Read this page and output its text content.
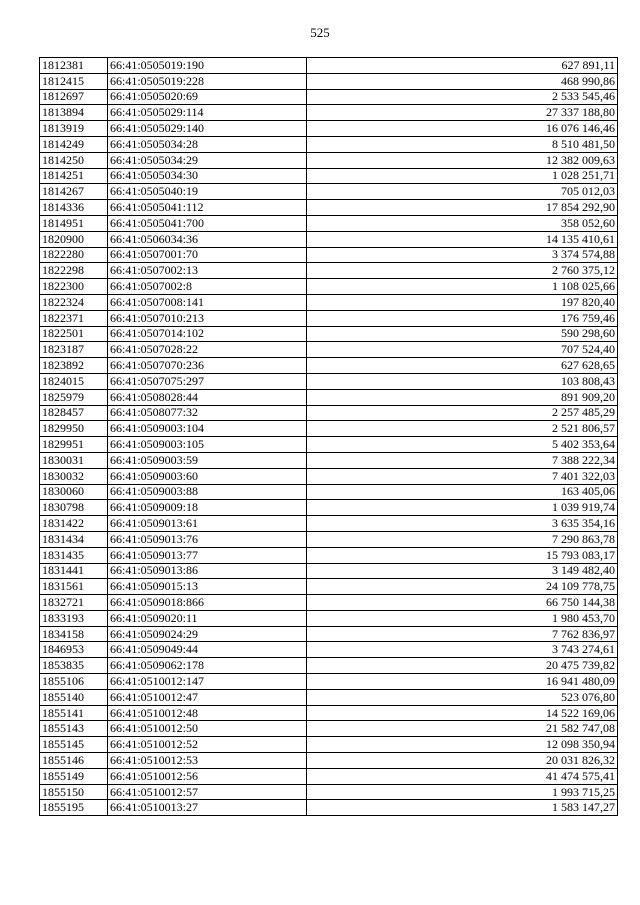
525
1812381	66:41:0505019:190	627 891,11
1812415	66:41:0505019:228	468 990,86
1812697	66:41:0505020:69	2 533 545,46
1813894	66:41:0505029:114	27 337 188,80
1813919	66:41:0505029:140	16 076 146,46
1814249	66:41:0505034:28	8 510 481,50
1814250	66:41:0505034:29	12 382 009,63
1814251	66:41:0505034:30	1 028 251,71
1814267	66:41:0505040:19	705 012,03
1814336	66:41:0505041:112	17 854 292,90
1814951	66:41:0505041:700	358 052,60
1820900	66:41:0506034:36	14 135 410,61
1822280	66:41:0507001:70	3 374 574,88
1822298	66:41:0507002:13	2 760 375,12
1822300	66:41:0507002:8	1 108 025,66
1822324	66:41:0507008:141	197 820,40
1822371	66:41:0507010:213	176 759,46
1822501	66:41:0507014:102	590 298,60
1823187	66:41:0507028:22	707 524,40
1823892	66:41:0507070:236	627 628,65
1824015	66:41:0507075:297	103 808,43
1825979	66:41:0508028:44	891 909,20
1828457	66:41:0508077:32	2 257 485,29
1829950	66:41:0509003:104	2 521 806,57
1829951	66:41:0509003:105	5 402 353,64
1830031	66:41:0509003:59	7 388 222,34
1830032	66:41:0509003:60	7 401 322,03
1830060	66:41:0509003:88	163 405,06
1830798	66:41:0509009:18	1 039 919,74
1831422	66:41:0509013:61	3 635 354,16
1831434	66:41:0509013:76	7 290 863,78
1831435	66:41:0509013:77	15 793 083,17
1831441	66:41:0509013:86	3 149 482,40
1831561	66:41:0509015:13	24 109 778,75
1832721	66:41:0509018:866	66 750 144,38
1833193	66:41:0509020:11	1 980 453,70
1834158	66:41:0509024:29	7 762 836,97
1846953	66:41:0509049:44	3 743 274,61
1853835	66:41:0509062:178	20 475 739,82
1855106	66:41:0510012:147	16 941 480,09
1855140	66:41:0510012:47	523 076,80
1855141	66:41:0510012:48	14 522 169,06
1855143	66:41:0510012:50	21 582 747,08
1855145	66:41:0510012:52	12 098 350,94
1855146	66:41:0510012:53	20 031 826,32
1855149	66:41:0510012:56	41 474 575,41
1855150	66:41:0510012:57	1 993 715,25
1855195	66:41:0510013:27	1 583 147,27
